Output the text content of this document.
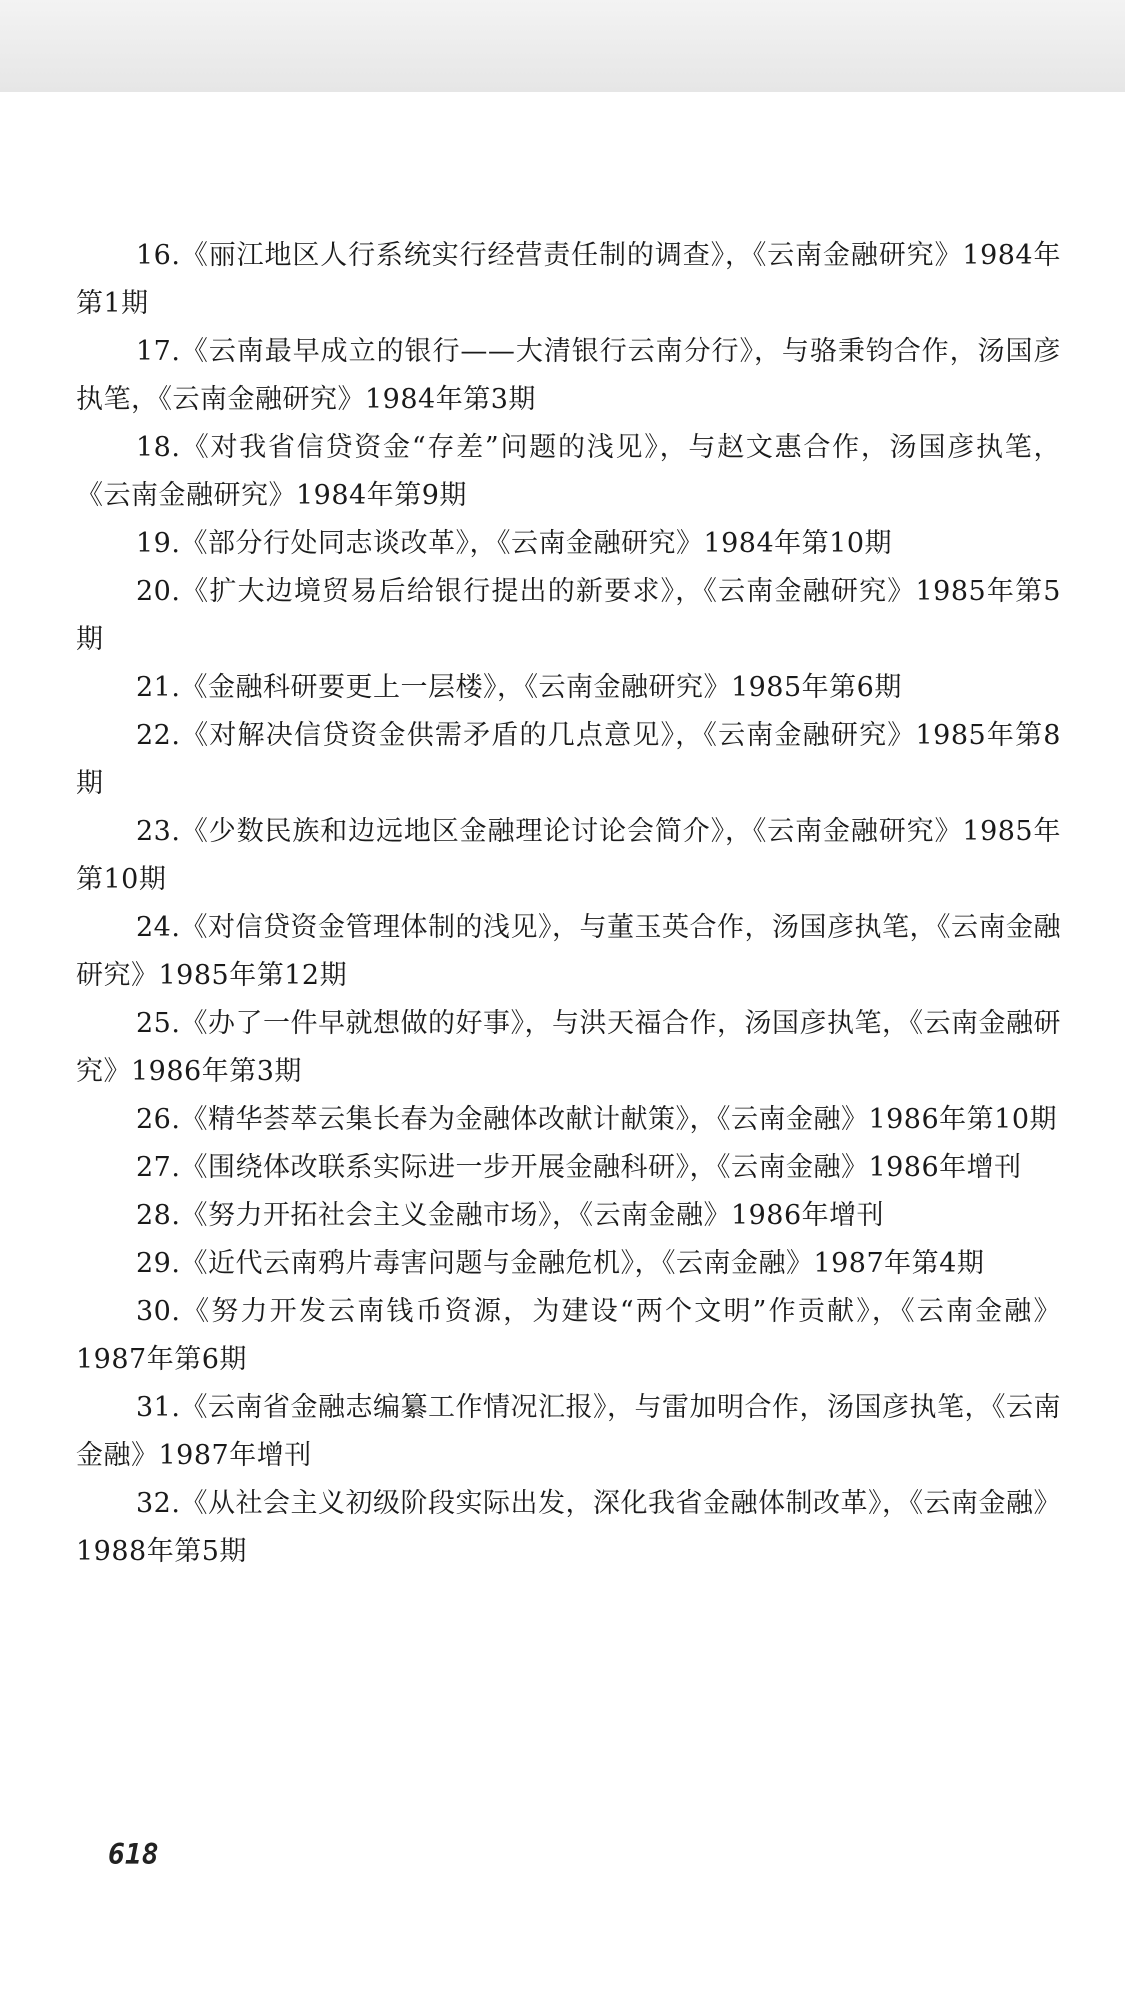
16.《丽江地区人行系统实行经营责任制的调查》，《云南金融研究》1984年第1期

17.《云南最早成立的银行——大清银行云南分行》，与骆秉钧合作，汤国彦执笔，《云南金融研究》1984年第3期

18.《对我省信贷资金“存差”问题的浅见》，与赵文惠合作，汤国彦执笔，《云南金融研究》1984年第9期

19.《部分行处同志谈改革》，《云南金融研究》1984年第10期

20.《扩大边境贸易后给银行提出的新要求》，《云南金融研究》1985年第5期

21.《金融科研要更上一层楼》，《云南金融研究》1985年第6期

22.《对解决信贷资金供需矛盾的几点意见》，《云南金融研究》1985年第8期

23.《少数民族和边远地区金融理论讨论会简介》，《云南金融研究》1985年第10期

24.《对信贷资金管理体制的浅见》，与董玉英合作，汤国彦执笔，《云南金融研究》1985年第12期

25.《办了一件早就想做的好事》，与洪天福合作，汤国彦执笔，《云南金融研究》1986年第3期

26.《精华荟萃云集长春为金融体改献计献策》，《云南金融》1986年第10期

27.《围绕体改联系实际进一步开展金融科研》，《云南金融》1986年增刊

28.《努力开拓社会主义金融市场》，《云南金融》1986年增刊

29.《近代云南鸦片毒害问题与金融危机》，《云南金融》1987年第4期

30.《努力开发云南钱币资源，为建设“两个文明”作贡献》，《云南金融》1987年第6期

31.《云南省金融志编纂工作情况汇报》，与雷加明合作，汤国彦执笔，《云南金融》1987年增刊

32.《从社会主义初级阶段实际出发，深化我省金融体制改革》，《云南金融》1988年第5期

618
